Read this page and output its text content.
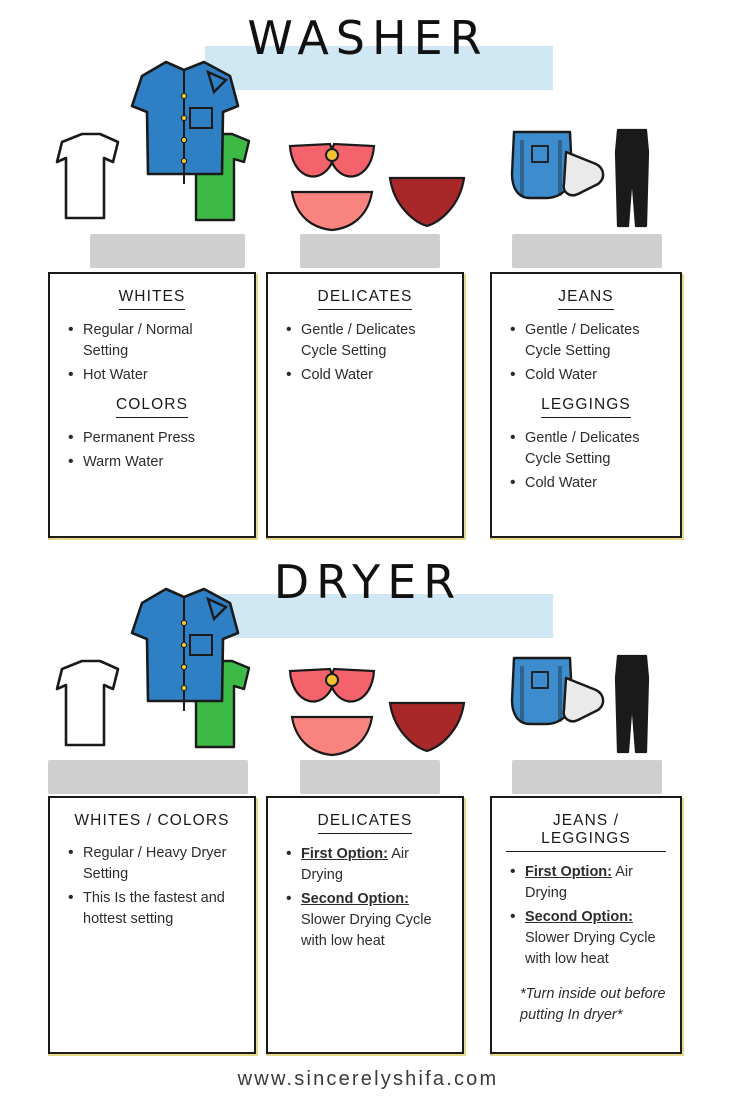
WASHER
WHITES
• Regular / Normal Setting
• Hot Water
COLORS
• Permanent Press
• Warm Water
DELICATES
• Gentle / Delicates Cycle Setting
• Cold Water
JEANS
• Gentle / Delicates Cycle Setting
• Cold Water
LEGGINGS
• Gentle / Delicates Cycle Setting
• Cold Water
DRYER
WHITES / COLORS
• Regular / Heavy Dryer Setting
• This Is the fastest and hottest setting
DELICATES
• First Option: Air Drying
• Second Option: Slower Drying Cycle with low heat
JEANS / LEGGINGS
• First Option: Air Drying
• Second Option: Slower Drying Cycle with low heat
*Turn inside out before putting In dryer*
www.sincerelyshifa.com
